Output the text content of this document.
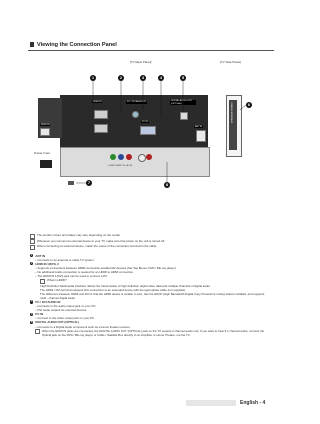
Viewing the Connection Panel
[TV Rear Panel]	[TV Side Panel]
HDMI IN
HDMI IN	PC / DVI AUDIO IN
PC IN
DIGITAL AUDIO OUT (OPTICAL)
ANT IN
COMPONENT IN / AV IN
COMMON INTERFACE
Power Input
1	2	3	4	5
6
7	8
The product colour and shape may vary depending on the model.
Whenever you connect an external device to your TV, make sure that power on the unit is turned off.
When connecting an external device, match the colour of the connection terminal to the cable.
1	ANT IN
– Connects to an antenna or cable TV system.
2	HDMI IN 1(DVI), 2
– Supports connections between HDMI-connection-enabled AV devices (Set-Top Boxes, DVD / Blu-ray player)
– No additional Audio connection is needed for an HDMI to HDMI connection.
– The HDMI IN 1(DVI) jack can be used to connect a PC.
What is HDMI?
'High Definition Multimedia interface' allows the transmission of high definition digital video data and multiple channels of digital audio.
The HDMI / DVI terminal supports DVI connection to an extended device with the appropriate cable (not supplied).
The difference between HDMI and DVI is that the HDMI device is smaller in size, has the HDCP (High Bandwidth Digital Copy Protection) coding feature installed, and supports multi - channel digital audio.
3	PC / DVI AUDIO IN
– Connects to the audio output jack on your PC.
– DVI audio outputs for external devices.
4	PC IN
– Connect to the video output jack on your PC.
5	DIGITAL AUDIO OUT (OPTICAL)
– Connects to a Digital Audio component such as a Home theater receiver.
When the HDMI IN jacks are connected, the DIGITAL AUDIO OUT (OPTICAL) jack on the TV outputs 2 channel audio only. If you want to hear 5.1 channel audio, connect the Optical jack on the DVD / Blu-ray player or Cable / Satellite Box directly to an Amplifier or Home Theatre, not the TV.
English - 4
